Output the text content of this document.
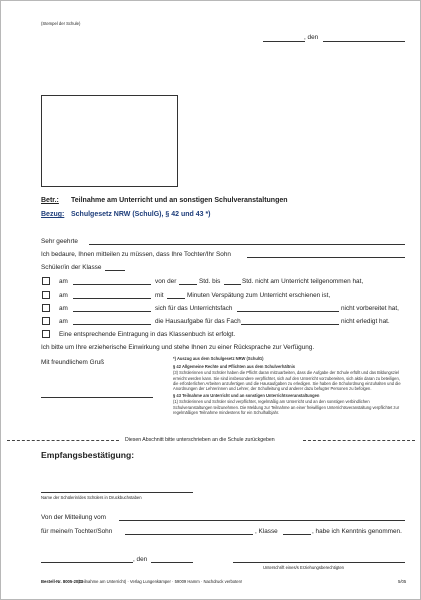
(Stempel der Schule)
, den
Betr.: Teilnahme am Unterricht und an sonstigen Schulveranstaltungen
Bezug: Schulgesetz NRW (SchulG), § 42 und 43 *)
Sehr geehrte
Ich bedaure, Ihnen mitteilen zu müssen, dass Ihre Tochter/Ihr Sohn
Schüler/in der Klasse
am	von der	Std. bis	Std. nicht am Unterricht teilgenommen hat,
am	mit	Minuten Verspätung zum Unterricht erschienen ist,
am	sich für das Unterrichtsfach	nicht vorbereitet hat,
am	die Hausaufgabe für das Fach	nicht erledigt hat.
Eine entsprechende Eintragung in das Klassenbuch ist erfolgt.
Ich bitte um Ihre erzieherische Einwirkung und stehe Ihnen zu einer Rücksprache zur Verfügung.
Mit freundlichem Gruß
*) Auszug aus dem Schulgesetz NRW (SchulG)
§ 42 Allgemeine Rechte und Pflichten aus dem Schulverhältnis
(3) Schülerinnen und Schüler haben die Pflicht daran mitzuarbeiten, dass die Aufgabe der Schule erfüllt und das Bildungsziel erreicht werden kann. Sie sind insbesondere verpflichtet, sich auf den Unterricht vorzubereiten, sich aktiv daran zu beteiligen, die erforderlichen Arbeiten anzufertigen und die Hausaufgaben zu erledigen. Sie haben die Schulordnung einzuhalten und die Anordnungen der Lehrerinnen und Lehrer, der Schulleitung und anderer dazu befugter Personen zu befolgen.
§ 43 Teilnahme am Unterricht und an sonstigen Unterrichtsveranstaltungen
(1) Schülerinnen und Schüler sind verpflichtet, regelmäßig am Unterricht und an den sonstigen verbindlichen Schulveranstaltungen teilzunehmen. Die Meldung zur Teilnahme an einer freiwilligen Unterrichtsveranstaltung verpflichtet zur regelmäßigen Teilnahme mindestens für ein Schulhalbjahr.
Diesen Abschnitt bitte unterschrieben an die Schule zurückgeben
Empfangsbestätigung:
Name der Schülerin/des Schülers in Druckbuchstaben
Von der Mitteilung vom
für meine/n Tochter/Sohn	, Klasse	, habe ich Kenntnis genommen.
, den
Unterschrift eines/s Erziehungsberechtigten
Bestell-Nr. 8005-2013
(Teilnahme am Unterricht) · Verlag Lungenkämper · 59009 Hamm · Nachdruck verboten!	5/05
